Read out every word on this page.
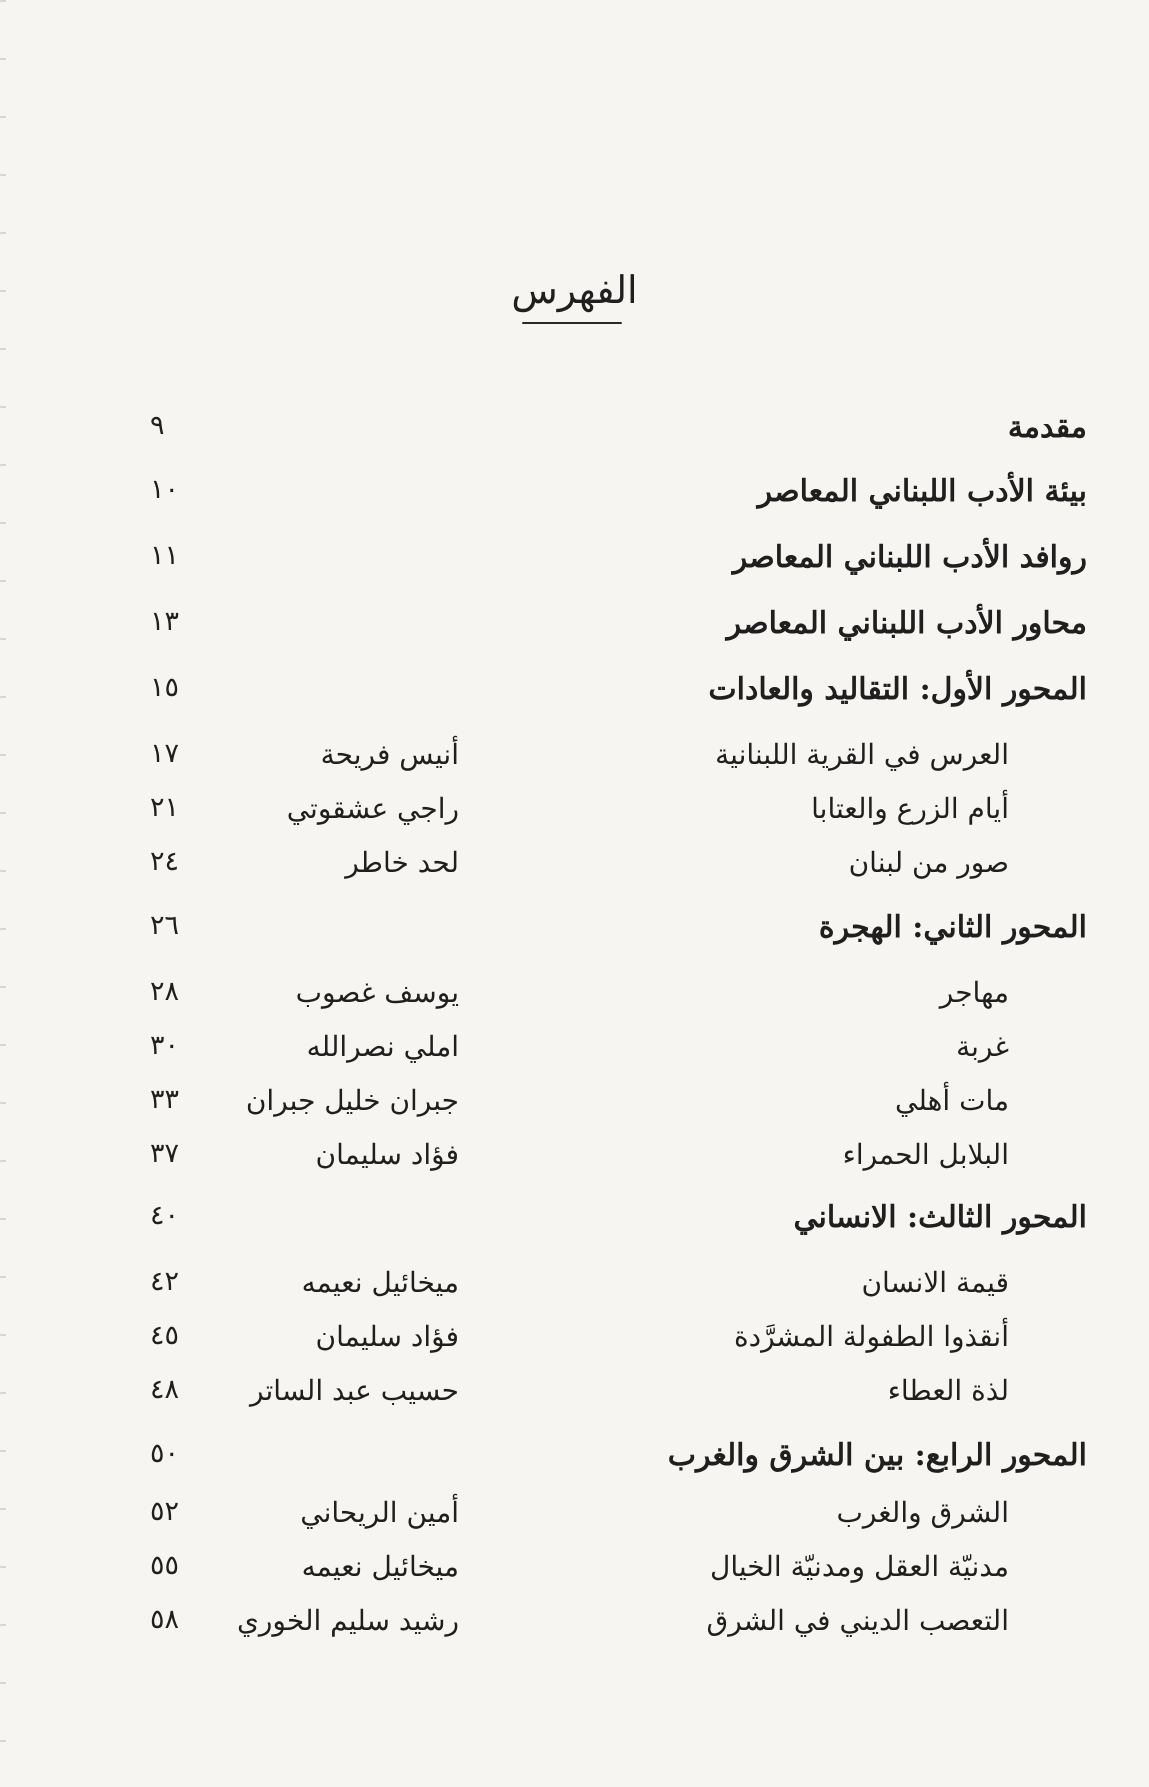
الفهرس
مقدمة
٩
بيئة الأدب اللبناني المعاصر
١٠
روافد الأدب اللبناني المعاصر
١١
محاور الأدب اللبناني المعاصر
١٣
المحور الأول: التقاليد والعادات
١٥
العرس في القرية اللبنانية
أنيس فريحة
١٧
أيام الزرع والعتابا
راجي عشقوتي
٢١
صور من لبنان
لحد خاطر
٢٤
المحور الثاني: الهجرة
٢٦
مهاجر
يوسف غصوب
٢٨
غربة
املي نصرالله
٣٠
مات أهلي
جبران خليل جبران
٣٣
البلابل الحمراء
فؤاد سليمان
٣٧
المحور الثالث: الانساني
٤٠
قيمة الانسان
ميخائيل نعيمه
٤٢
أنقذوا الطفولة المشرَّدة
فؤاد سليمان
٤٥
لذة العطاء
حسيب عبد الساتر
٤٨
المحور الرابع: بين الشرق والغرب
٥٠
الشرق والغرب
أمين الريحاني
٥٢
مدنيّة العقل ومدنيّة الخيال
ميخائيل نعيمه
٥٥
التعصب الديني في الشرق
رشيد سليم الخوري
٥٨
